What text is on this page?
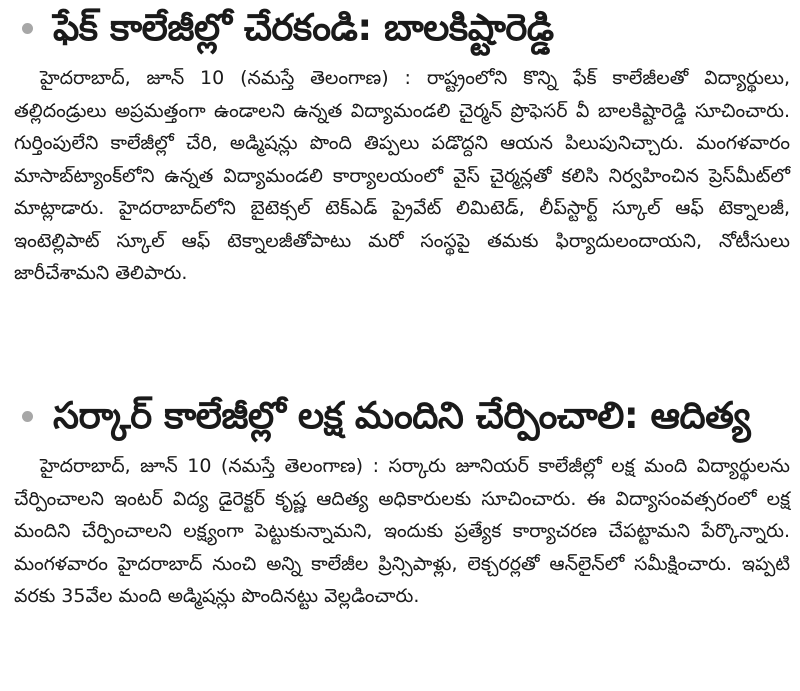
ఫేక్ కాలేజీల్లో చేరకండి: బాలకిష్టారెడ్డి

హైదరాబాద్, జూన్ 10 (నమస్తే తెలంగాణ) : రాష్ట్రంలోని కొన్ని ఫేక్ కాలేజీలతో విద్యార్థులు, తల్లిదండ్రులు అప్రమత్తంగా ఉండాలని ఉన్నత విద్యామండలి చైర్మన్ ప్రొఫెసర్ వీ బాలకిష్టారెడ్డి సూచించారు. గుర్తింపులేని కాలేజీల్లో చేరి, అడ్మిషన్లు పొంది తిప్పలు పడొద్దని ఆయన పిలుపునిచ్చారు. మంగళవారం మాసాబ్‌ట్యాంక్‌లోని ఉన్నత విద్యామండలి కార్యాలయంలో వైస్ చైర్మన్లతో కలిసి నిర్వహించిన ప్రెస్‌మీట్‌లో మాట్లాడారు. హైదరాబాద్‌లోని బైటెక్సల్ టెక్‌ఎడ్ ప్రైవేట్ లిమిటెడ్, లీప్‌స్టార్ట్ స్కూల్ ఆఫ్ టెక్నాలజీ, ఇంటెల్లిపాట్ స్కూల్ ఆఫ్ టెక్నాలజీతోపాటు మరో సంస్థపై తమకు ఫిర్యాదులందాయని, నోటీసులు జారీచేశామని తెలిపారు.

సర్కార్ కాలేజీల్లో లక్ష మందిని చేర్పించాలి: ఆదిత్య

హైదరాబాద్, జూన్ 10 (నమస్తే తెలంగాణ) : సర్కారు జూనియర్ కాలేజీల్లో లక్ష మంది విద్యార్థులను చేర్పించాలని ఇంటర్ విద్య డైరెక్టర్ కృష్ణ ఆదిత్య అధికారులకు సూచించారు. ఈ విద్యాసంవత్సరంలో లక్ష మందిని చేర్పించాలని లక్ష్యంగా పెట్టుకున్నామని, ఇందుకు ప్రత్యేక కార్యాచరణ చేపట్టామని పేర్కొన్నారు. మంగళవారం హైదరాబాద్ నుంచి అన్ని కాలేజీల ప్రిన్సిపాళ్లు, లెక్చరర్లతో ఆన్‌లైన్‌లో సమీక్షించారు. ఇప్పటి వరకు 35వేల మంది అడ్మిషన్లు పొందినట్టు వెల్లడించారు.
